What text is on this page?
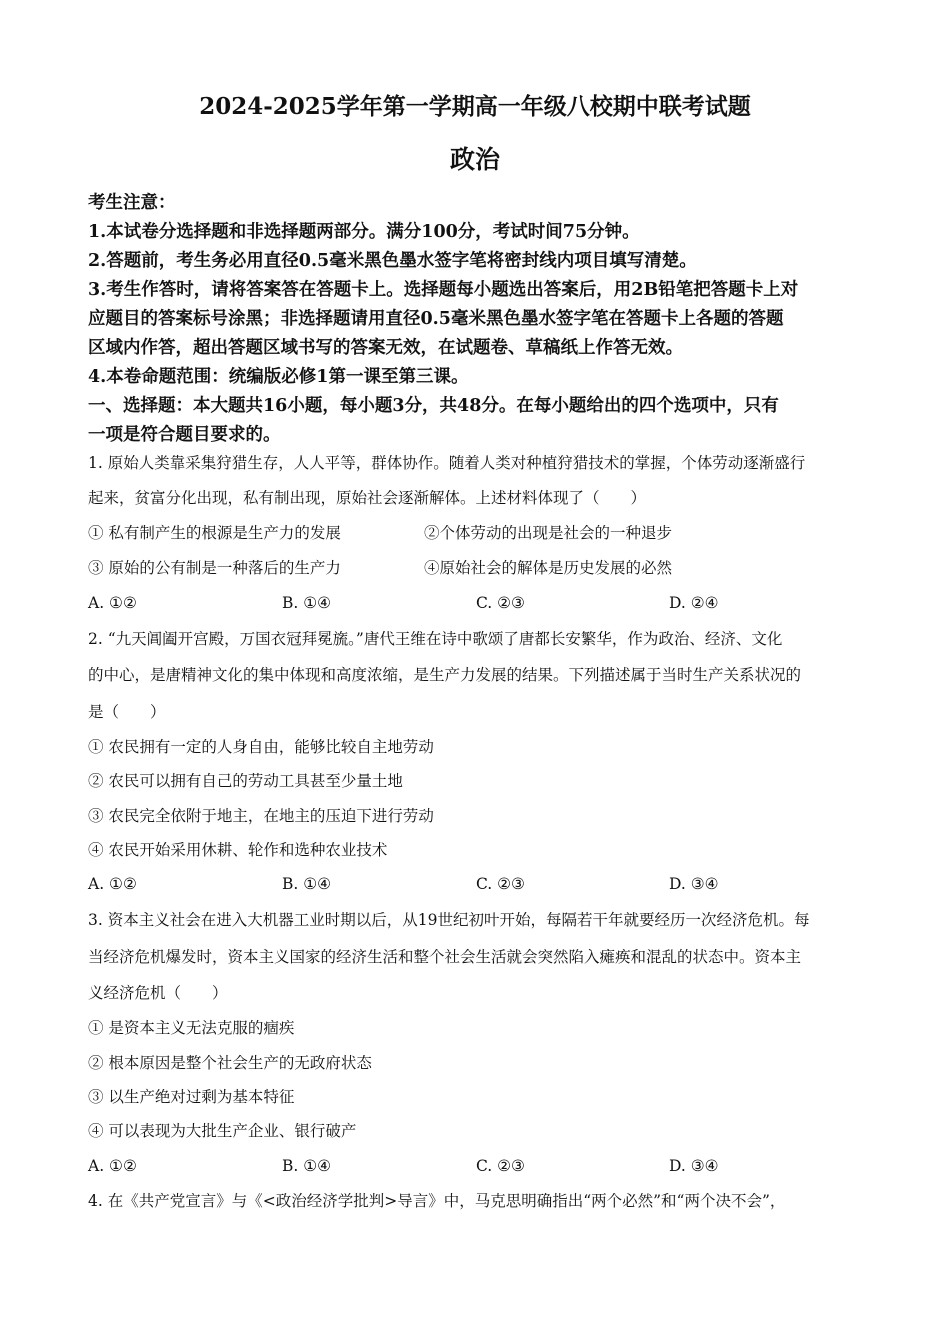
2024-2025学年第一学期高一年级八校期中联考试题
政治
考生注意：
1.本试卷分选择题和非选择题两部分。满分100分，考试时间75分钟。
2.答题前，考生务必用直径0.5毫米黑色墨水签字笔将密封线内项目填写清楚。
3.考生作答时，请将答案答在答题卡上。选择题每小题选出答案后，用2B铅笔把答题卡上对
应题目的答案标号涂黑；非选择题请用直径0.5毫米黑色墨水签字笔在答题卡上各题的答题
区域内作答，超出答题区域书写的答案无效，在试题卷、草稿纸上作答无效。
4.本卷命题范围：统编版必修1第一课至第三课。
一、选择题：本大题共16小题，每小题3分，共48分。在每小题给出的四个选项中，只有
一项是符合题目要求的。
1. 原始人类靠采集狩猎生存，人人平等，群体协作。随着人类对种植狩猎技术的掌握，个体劳动逐渐盛行
起来，贫富分化出现，私有制出现，原始社会逐渐解体。上述材料体现了（　　）
① 私有制产生的根源是生产力的发展	②个体劳动的出现是社会的一种退步
③ 原始的公有制是一种落后的生产力	④原始社会的解体是历史发展的必然
A. ①②	B. ①④	C. ②③	D. ②④
2. “九天阊阖开宫殿，万国衣冠拜冕旒。”唐代王维在诗中歌颂了唐都长安繁华，作为政治、经济、文化
的中心，是唐精神文化的集中体现和高度浓缩，是生产力发展的结果。下列描述属于当时生产关系状况的
是（　　）
① 农民拥有一定的人身自由，能够比较自主地劳动
② 农民可以拥有自己的劳动工具甚至少量土地
③ 农民完全依附于地主，在地主的压迫下进行劳动
④ 农民开始采用休耕、轮作和选种农业技术
A. ①②	B. ①④	C. ②③	D. ③④
3. 资本主义社会在进入大机器工业时期以后，从19世纪初叶开始，每隔若干年就要经历一次经济危机。每
当经济危机爆发时，资本主义国家的经济生活和整个社会生活就会突然陷入瘫痪和混乱的状态中。资本主
义经济危机（　　）
① 是资本主义无法克服的痼疾
② 根本原因是整个社会生产的无政府状态
③ 以生产绝对过剩为基本特征
④ 可以表现为大批生产企业、银行破产
A. ①②	B. ①④	C. ②③	D. ③④
4. 在《共产党宣言》与《<政治经济学批判>导言》中，马克思明确指出“两个必然”和“两个决不会”，
